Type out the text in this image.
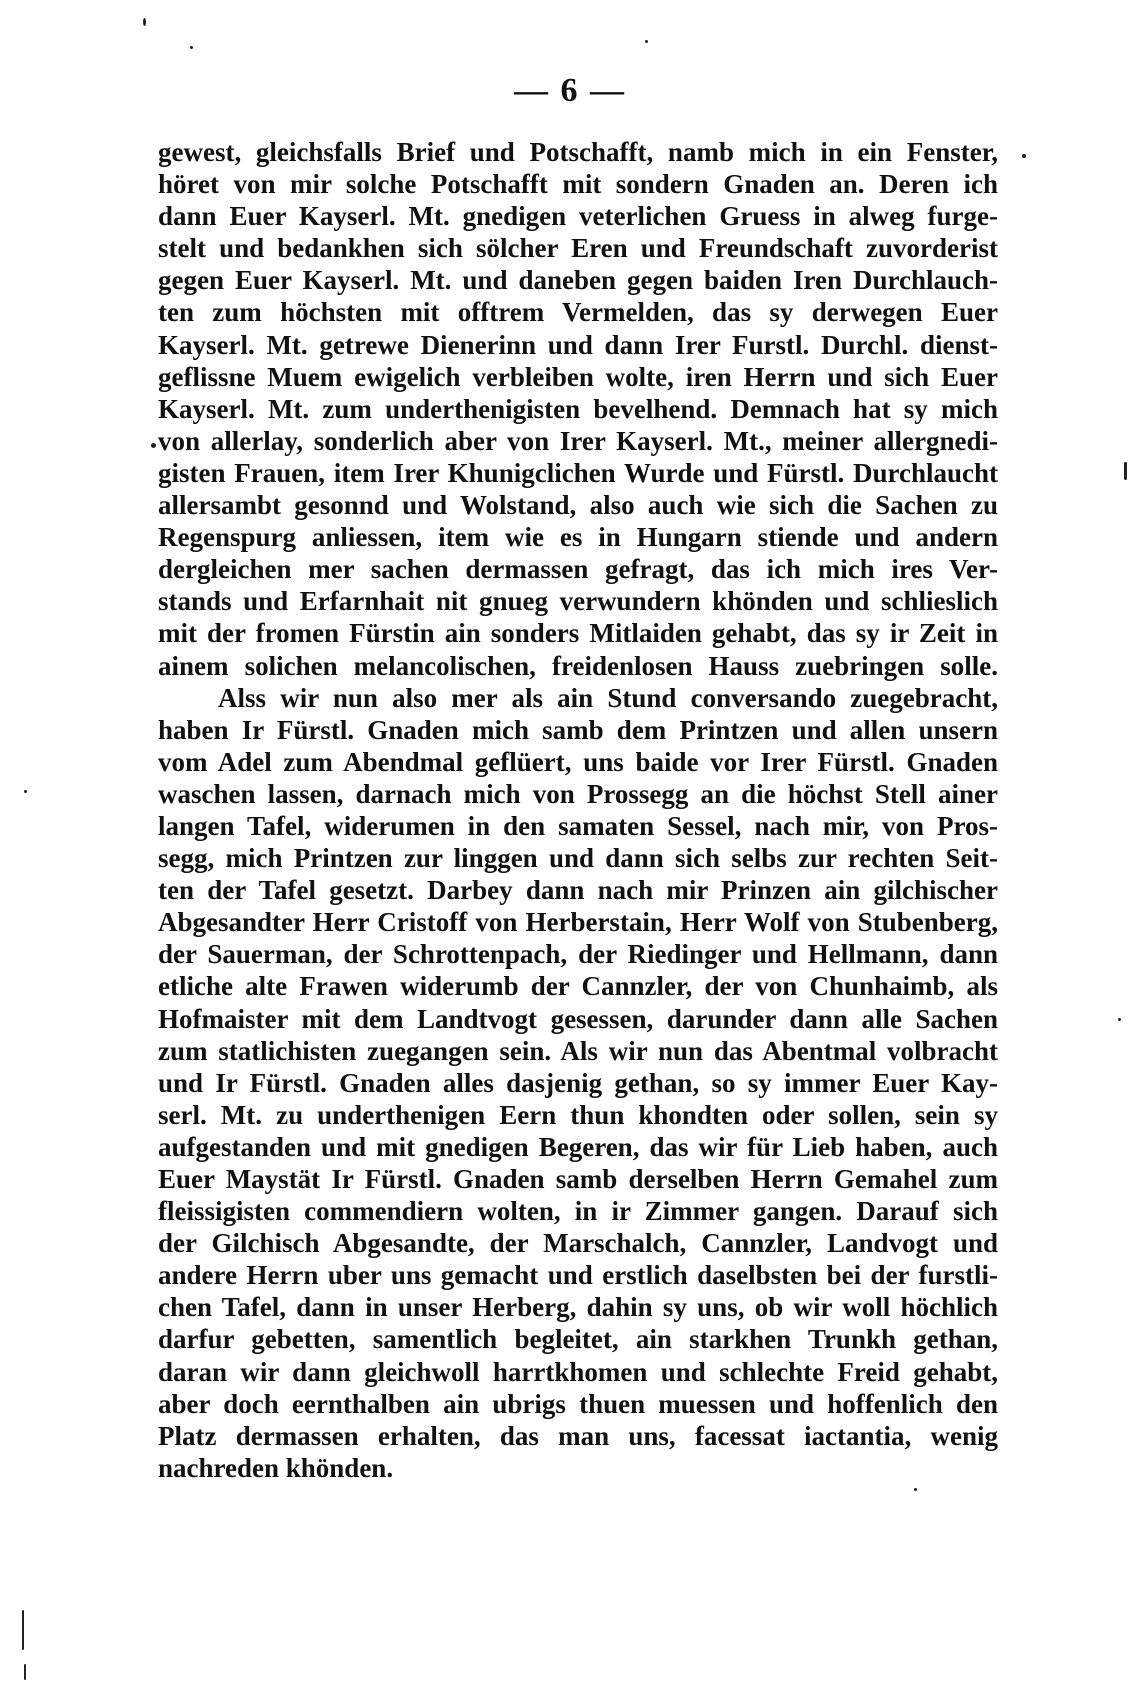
— 6 —
gewest, gleichsfalls Brief und Potschafft, namb mich in ein Fenster,
höret von mir solche Potschafft mit sondern Gnaden an. Deren ich
dann Euer Kayserl. Mt. gnedigen veterlichen Gruess in alweg furge-
stelt und bedankhen sich sölcher Eren und Freundschaft zuvorderist
gegen Euer Kayserl. Mt. und daneben gegen baiden Iren Durchlauch-
ten zum höchsten mit offtrem Vermelden, das sy derwegen Euer
Kayserl. Mt. getrewe Dienerinn und dann Irer Furstl. Durchl. dienst-
geflissne Muem ewigelich verbleiben wolte, iren Herrn und sich Euer
Kayserl. Mt. zum underthenigisten bevelhend. Demnach hat sy mich
von allerlay, sonderlich aber von Irer Kayserl. Mt., meiner allergnedi-
gisten Frauen, item Irer Khunigclichen Wurde und Fürstl. Durchlaucht
allersambt gesonnd und Wolstand, also auch wie sich die Sachen zu
Regenspurg anliessen, item wie es in Hungarn stiende und andern
dergleichen mer sachen dermassen gefragt, das ich mich ires Ver-
stands und Erfarnhait nit gnueg verwundern khönden und schlieslich
mit der fromen Fürstin ain sonders Mitlaiden gehabt, das sy ir Zeit in
ainem solichen melancolischen, freidenlosen Hauss zuebringen solle.
Alss wir nun also mer als ain Stund conversando zuegebracht,
haben Ir Fürstl. Gnaden mich samb dem Printzen und allen unsern
vom Adel zum Abendmal geflüert, uns baide vor Irer Fürstl. Gnaden
waschen lassen, darnach mich von Prossegg an die höchst Stell ainer
langen Tafel, widerumen in den samaten Sessel, nach mir, von Pros-
segg, mich Printzen zur linggen und dann sich selbs zur rechten Seit-
ten der Tafel gesetzt. Darbey dann nach mir Prinzen ain gilchischer
Abgesandter Herr Cristoff von Herberstain, Herr Wolf von Stubenberg,
der Sauerman, der Schrottenpach, der Riedinger und Hellmann, dann
etliche alte Frawen widerumb der Cannzler, der von Chunhaimb, als
Hofmaister mit dem Landtvogt gesessen, darunder dann alle Sachen
zum statlichisten zuegangen sein. Als wir nun das Abentmal volbracht
und Ir Fürstl. Gnaden alles dasjenig gethan, so sy immer Euer Kay-
serl. Mt. zu underthenigen Eern thun khondten oder sollen, sein sy
aufgestanden und mit gnedigen Begeren, das wir für Lieb haben, auch
Euer Maystät Ir Fürstl. Gnaden samb derselben Herrn Gemahel zum
fleissigisten commendiern wolten, in ir Zimmer gangen. Darauf sich
der Gilchisch Abgesandte, der Marschalch, Cannzler, Landvogt und
andere Herrn uber uns gemacht und erstlich daselbsten bei der furstli-
chen Tafel, dann in unser Herberg, dahin sy uns, ob wir woll höchlich
darfur gebetten, samentlich begleitet, ain starkhen Trunkh gethan,
daran wir dann gleichwoll harrtkhomen und schlechte Freid gehabt,
aber doch eernthalben ain ubrigs thuen muessen und hoffenlich den
Platz dermassen erhalten, das man uns, facessat iactantia, wenig
nachreden khönden.
